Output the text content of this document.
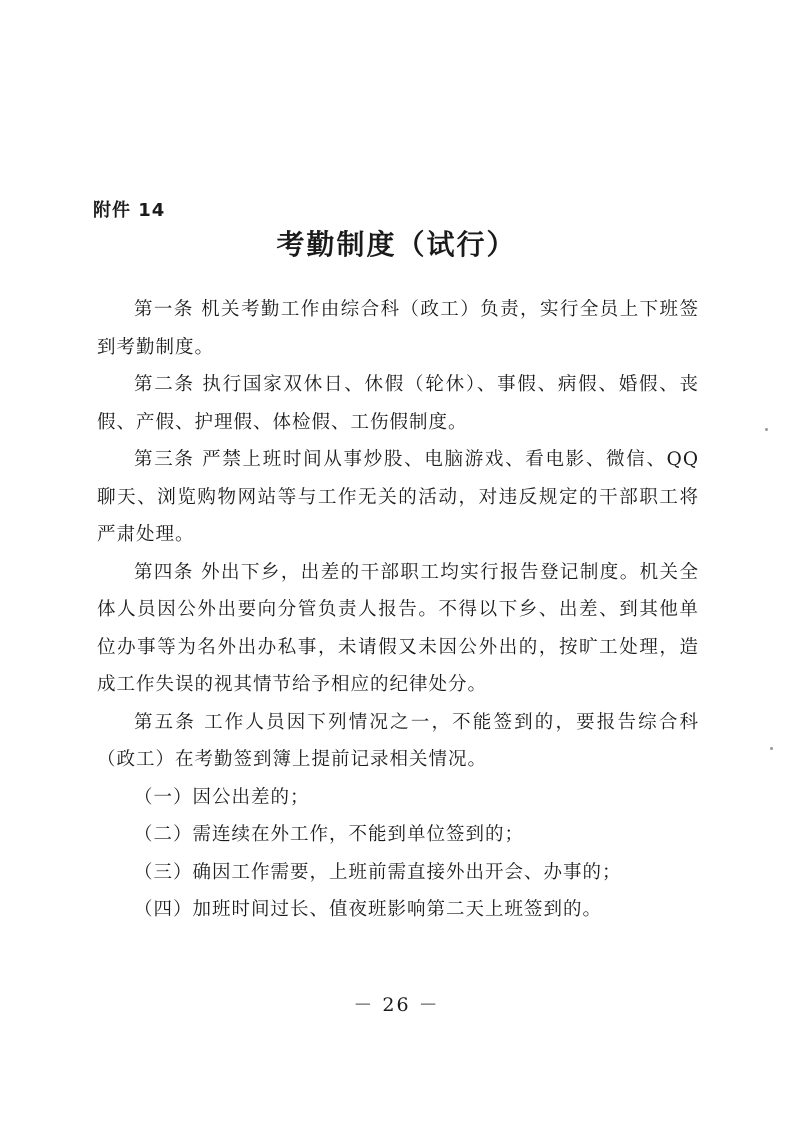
附件 14
考勤制度（试行）

第一条 机关考勤工作由综合科（政工）负责，实行全员上下班签到考勤制度。

第二条 执行国家双休日、休假（轮休）、事假、病假、婚假、丧假、产假、护理假、体检假、工伤假制度。

第三条 严禁上班时间从事炒股、电脑游戏、看电影、微信、QQ聊天、浏览购物网站等与工作无关的活动，对违反规定的干部职工将严肃处理。

第四条 外出下乡，出差的干部职工均实行报告登记制度。机关全体人员因公外出要向分管负责人报告。不得以下乡、出差、到其他单位办事等为名外出办私事，未请假又未因公外出的，按旷工处理，造成工作失误的视其情节给予相应的纪律处分。

第五条 工作人员因下列情况之一，不能签到的，要报告综合科（政工）在考勤签到簿上提前记录相关情况。

（一）因公出差的；

（二）需连续在外工作，不能到单位签到的；

（三）确因工作需要，上班前需直接外出开会、办事的；

（四）加班时间过长、值夜班影响第二天上班签到的。

－ 26 －
